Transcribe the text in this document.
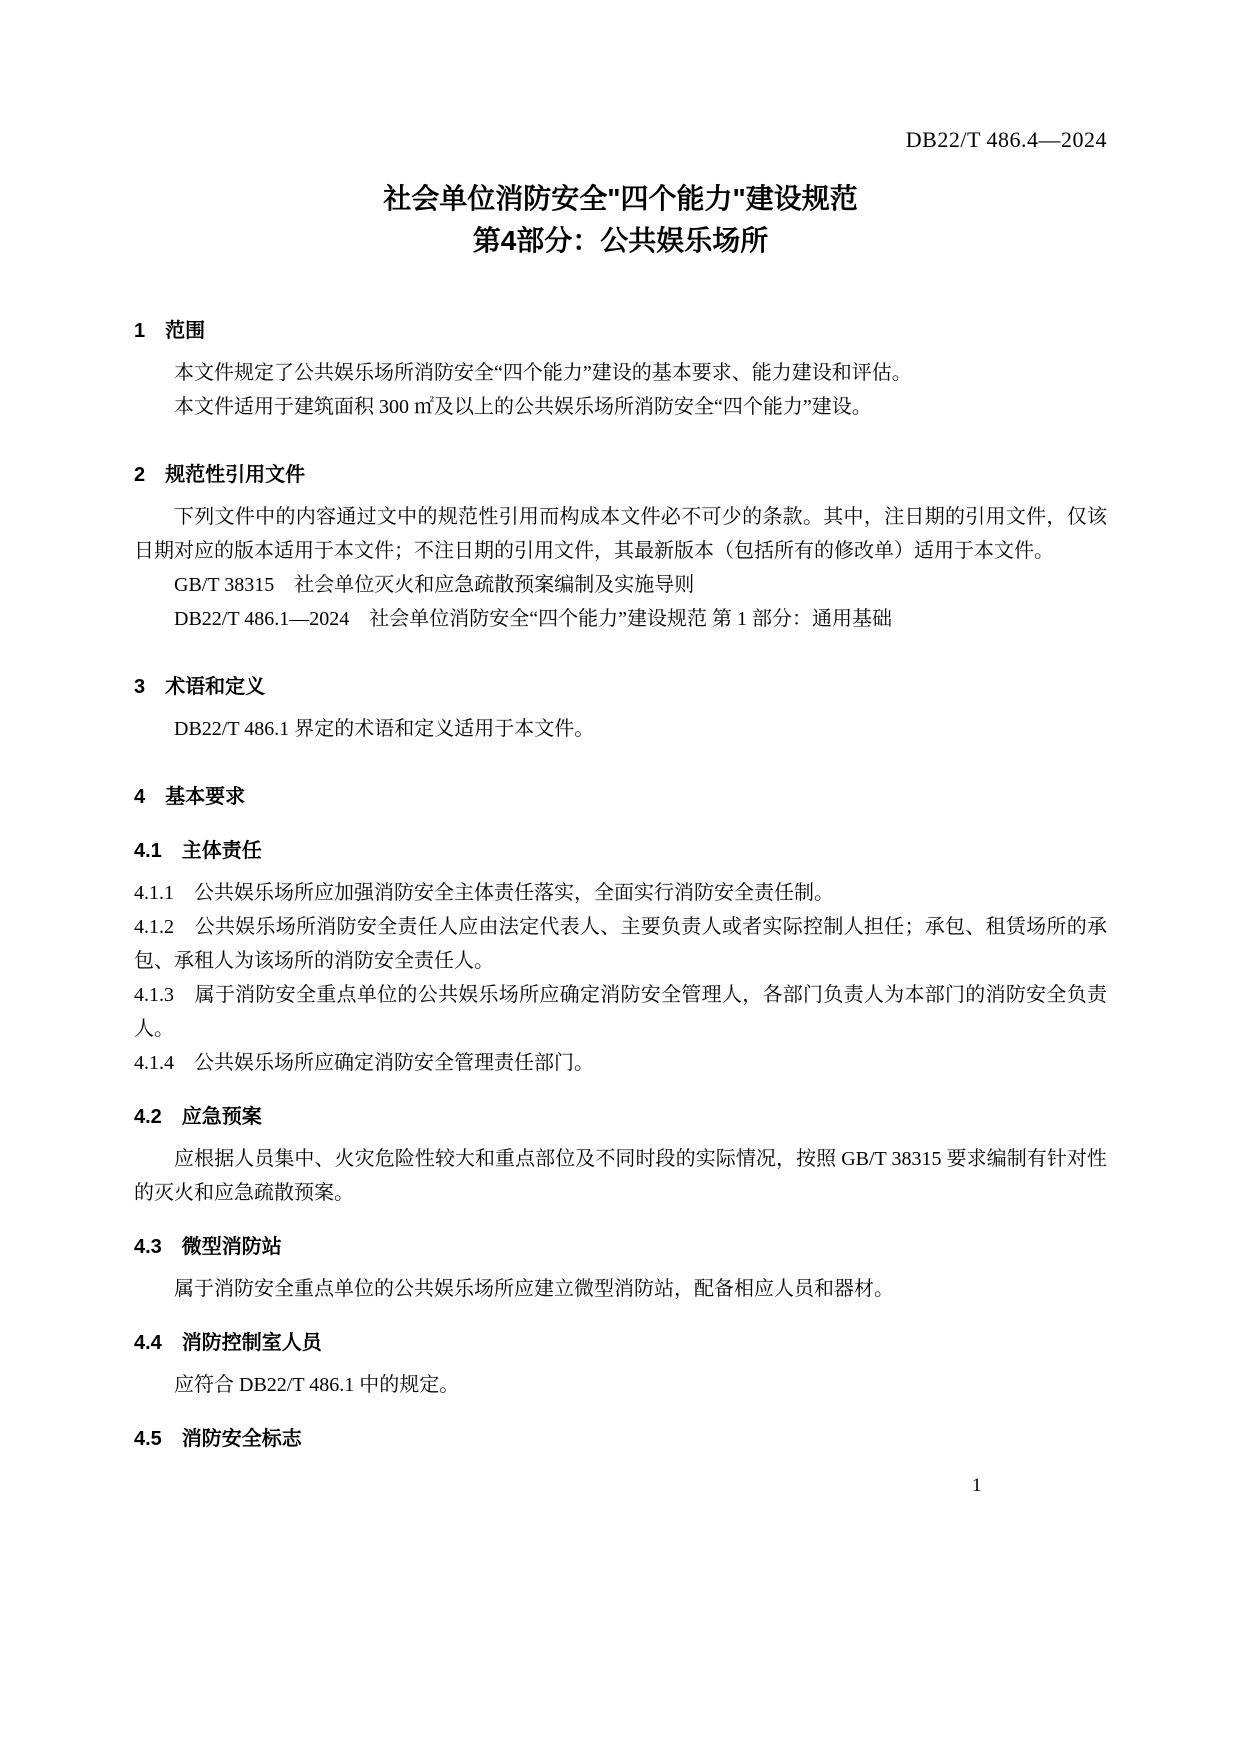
DB22/T 486.4—2024
社会单位消防安全"四个能力"建设规范
第4部分：公共娱乐场所
1　范围

本文件规定了公共娱乐场所消防安全“四个能力”建设的基本要求、能力建设和评估。

本文件适用于建筑面积 300 ㎡及以上的公共娱乐场所消防安全“四个能力”建设。

2　规范性引用文件

下列文件中的内容通过文中的规范性引用而构成本文件必不可少的条款。其中，注日期的引用文件，仅该日期对应的版本适用于本文件；不注日期的引用文件，其最新版本（包括所有的修改单）适用于本文件。

GB/T 38315　社会单位灭火和应急疏散预案编制及实施导则

DB22/T 486.1—2024　社会单位消防安全“四个能力”建设规范 第 1 部分：通用基础

3　术语和定义

DB22/T 486.1 界定的术语和定义适用于本文件。

4　基本要求
4.1　主体责任

4.1.1　公共娱乐场所应加强消防安全主体责任落实，全面实行消防安全责任制。

4.1.2　公共娱乐场所消防安全责任人应由法定代表人、主要负责人或者实际控制人担任；承包、租赁场所的承包、承租人为该场所的消防安全责任人。

4.1.3　属于消防安全重点单位的公共娱乐场所应确定消防安全管理人，各部门负责人为本部门的消防安全负责人。

4.1.4　公共娱乐场所应确定消防安全管理责任部门。

4.2　应急预案

应根据人员集中、火灾危险性较大和重点部位及不同时段的实际情况，按照 GB/T 38315 要求编制有针对性的灭火和应急疏散预案。

4.3　微型消防站

属于消防安全重点单位的公共娱乐场所应建立微型消防站，配备相应人员和器材。

4.4　消防控制室人员

应符合 DB22/T 486.1 中的规定。

4.5　消防安全标志
1
